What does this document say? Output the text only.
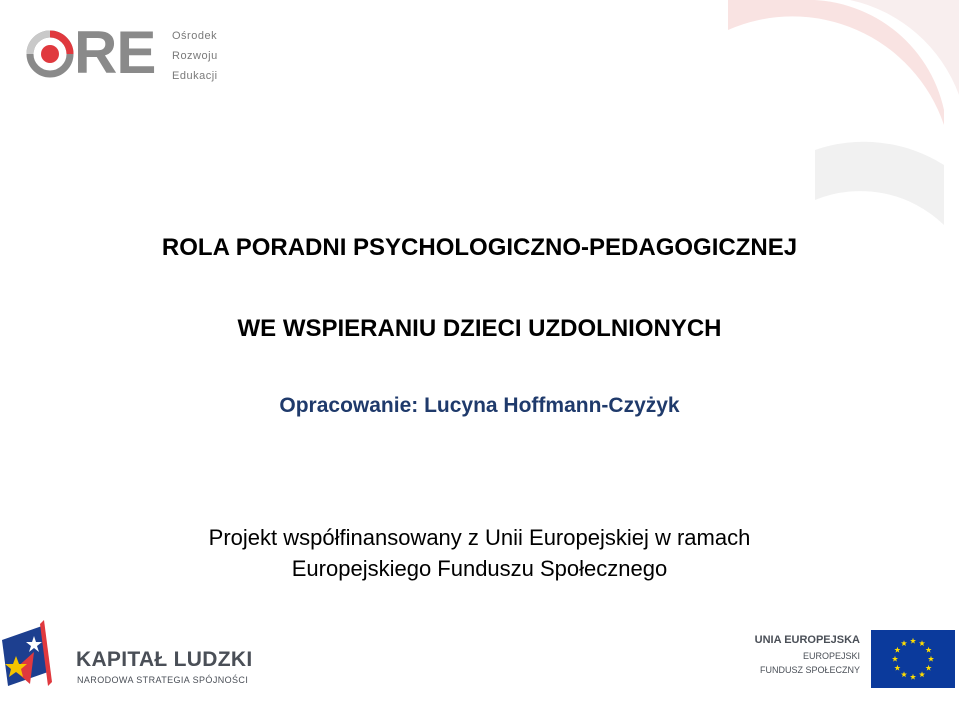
RE Ośrodek
Rozwoju
Edukacji
ROLA PORADNI PSYCHOLOGICZNO-PEDAGOGICZNEJ
WE WSPIERANIU DZIECI UZDOLNIONYCH
Opracowanie: Lucyna Hoffmann-Czyżyk
Projekt współfinansowany z Unii Europejskiej w ramach
Europejskiego Funduszu Społecznego
KAPITAŁ LUDZKI
NARODOWA STRATEGIA SPÓJNOŚCI
UNIA EUROPEJSKA
EUROPEJSKI
FUNDUSZ SPOŁECZNY
